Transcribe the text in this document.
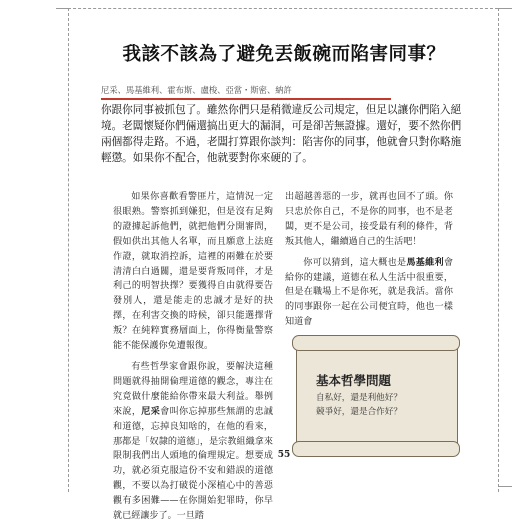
我該不該為了避免丟飯碗而陷害同事？
尼采、馬基維利、霍布斯、盧梭、亞當・斯密、納許

你跟你同事被抓包了。雖然你們只是稍微違反公司規定，但足以讓你們陷入絕境。老闆懷疑你們倆還搞出更大的漏洞，可是卻苦無證據。還好，要不然你們兩個都得走路。不過，老闆打算跟你談判：陷害你的同事，他就會只對你略施輕懲。如果你不配合，他就要對你來硬的了。

如果你喜歡看警匪片，這情況一定很眼熟。警察抓到嫌犯，但是沒有足夠的證據起訴他們，就把他們分開審問，假如供出其他人名單，而且願意上法庭作證，就取消控訴，這裡的兩難在於要清清白白過關，還是要背叛同伴，才是利己的明智抉擇？要獲得自由就得要告發別人，還是能走的忠誠才是好的抉擇，在利害交換的時候，卻只能選擇背叛？在純粹實務層面上，你得衡量警察能不能保護你免遭報復。

有些哲學家會跟你說，要解決這種問題就得抽開倫理道德的觀念，專注在究竟做什麼能給你帶來最大利益。舉例來說，尼采會叫你忘掉那些無謂的忠誠和道德，忘掉良知啥的，在他的看來，那都是「奴隸的道德」，是宗教組織拿來限制我們出人頭地的倫理規定。想要成功，就必須克服這份不安和錯誤的道德觀，不要以為打破從小深植心中的善惡觀有多困難——在你開始犯罪時，你早就已經讓步了。一旦踏

出超越善惡的一步，就再也回不了頭。你只忠於你自己，不是你的同事，也不是老闆，更不是公司，接受最有利的條件，背叛其他人，繼續過自己的生活吧！

你可以猜到，這大概也是馬基維利會給你的建議，道德在私人生活中很重要，但是在職場上不是你死，就是我活。當你的同事跟你一起在公司便宜時，他也一樣知道會

基本哲學問題
自私好，還是利他好？
競爭好，還是合作好？
55
